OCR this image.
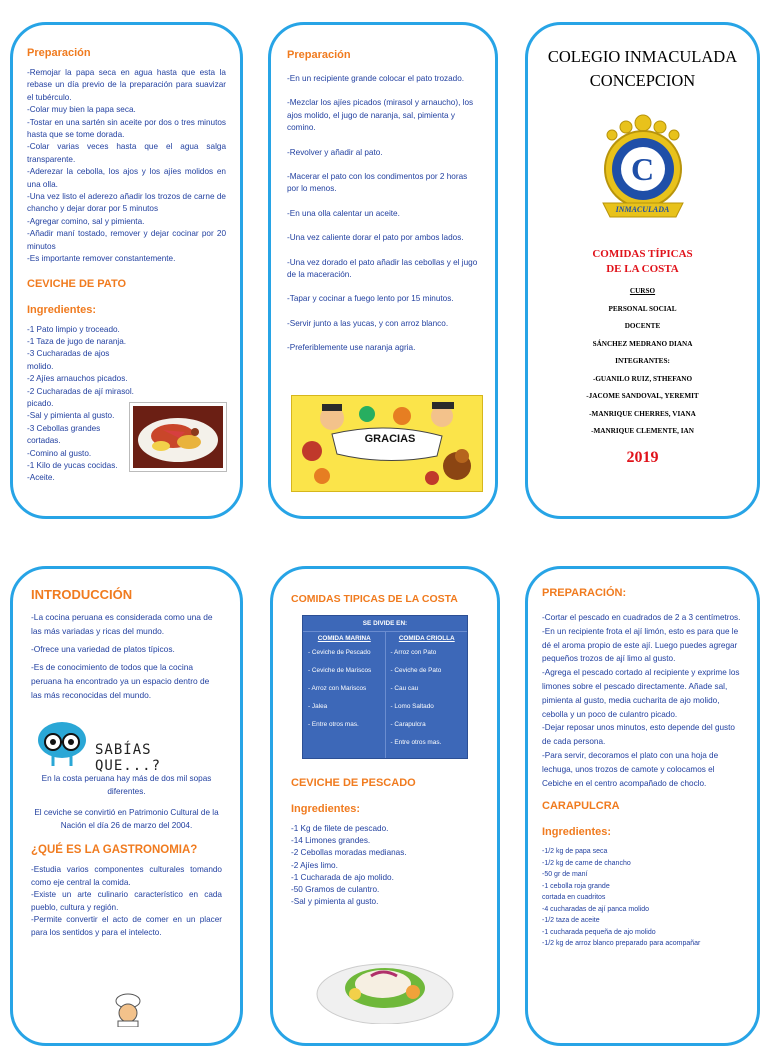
Preparación
-Remojar la papa seca en agua hasta que esta la rebase un día previo de la preparación para suavizar el tubérculo.
-Colar muy bien la papa seca.
-Tostar en una sartén sin aceite por dos o tres minutos hasta que se tome dorada.
-Colar varias veces hasta que el agua salga transparente.
-Aderezar la cebolla, los ajos y los ajíes molidos en una olla.
-Una vez listo el aderezo añadir los trozos de carne de chancho y dejar dorar por 5 minutos
-Agregar comino, sal y pimienta.
-Añadir maní tostado, remover y dejar cocinar por 20 minutos
-Es importante remover constantemente.
CEVICHE DE PATO
Ingredientes:
-1 Pato limpio y troceado.
-1 Taza de jugo de naranja.
-3 Cucharadas de ajos molido.
-2 Ajíes arnauchos picados.
-2 Cucharadas de ají mirasol. picado.
-Sal y pimienta al gusto.
-3 Cebollas grandes cortadas.
-Comino al gusto.
-1 Kilo de yucas cocidas.
-Aceite.
Preparación
-En un recipiente grande colocar el pato trozado.
-Mezclar los ajíes picados (mirasol y arnaucho), los ajos molido, el jugo de naranja, sal, pimienta y comino.
-Revolver y añadir al pato.
-Macerar el pato con los condimentos por 2 horas por lo menos.
-En una olla calentar un aceite.
-Una vez caliente dorar el pato por ambos lados.
-Una vez dorado el pato añadir las cebollas y el jugo de la maceración.
-Tapar y cocinar a fuego lento por 15 minutos.
-Servir junto a las yucas, y con arroz blanco.
-Preferiblemente use naranja agria.
GRACIAS
COLEGIO INMACULADA
CONCEPCION
C
INMACULADA
COMIDAS TÍPICAS
DE LA COSTA
CURSO
PERSONAL SOCIAL
DOCENTE
SÁNCHEZ MEDRANO DIANA
INTEGRANTES:
-GUANILO RUIZ, STHEFANO
-JACOME SANDOVAL, YEREMIT
-MANRIQUE CHERRES, VIANA
-MANRIQUE CLEMENTE, IAN
2019
INTRODUCCIÓN
-La cocina peruana es considerada como una de las más variadas y ricas del mundo.
-Ofrece una variedad de platos típicos.
-Es de conocimiento de todos que la cocina peruana ha encontrado ya un espacio dentro de las más reconocidas del mundo.
SABÍAS QUE...?
En la costa peruana hay más de dos mil sopas diferentes.
El ceviche se convirtió en Patrimonio Cultural de la Nación el día 26 de marzo del 2004.
¿QUÉ ES LA GASTRONOMIA?
-Estudia varios componentes culturales tomando como eje central la comida.
-Existe un arte culinario característico en cada pueblo, cultura y región.
-Permite convertir el acto de comer en un placer para los sentidos y para el intelecto.
COMIDAS TIPICAS DE LA COSTA
SE DIVIDE EN:
COMIDA MARINA
- Ceviche de Pescado
- Ceviche de Mariscos
- Arroz con Mariscos
- Jalea
- Entre otros mas.
COMIDA CRIOLLA
- Arroz con Pato
- Ceviche de Pato
- Cau cau
- Lomo Saltado
- Carapulcra
- Entre otros mas.
CEVICHE DE PESCADO
Ingredientes:
-1 Kg de filete de pescado.
-14 Limones grandes.
-2 Cebollas moradas medianas.
-2 Ajíes limo.
-1 Cucharada de ajo molido.
-50 Gramos de culantro.
-Sal y pimienta al gusto.
PREPARACIÓN:
-Cortar el pescado en cuadrados de 2 a 3 centímetros.
-En un recipiente frota el ají limón, esto es para que le dé el aroma propio de este ají. Luego puedes agregar pequeños trozos de ají limo al gusto.
-Agrega el pescado cortado al recipiente y exprime los limones sobre el pescado directamente. Añade sal, pimienta al gusto, media cucharita de ajo molido, cebolla y un poco de culantro picado.
-Dejar reposar unos minutos, esto depende del gusto de cada persona.
-Para servir, decoramos el plato con una hoja de lechuga, unos trozos de camote y colocamos el Cebiche en el centro acompañado de choclo.
CARAPULCRA
Ingredientes:
-1/2 kg de papa seca
-1/2 kg de carne de chancho
-50 gr de maní
-1 cebolla roja grande
cortada en cuadritos
-4 cucharadas de ají panca molido
-1/2 taza de aceite
-1 cucharada pequeña de ajo molido
-1/2 kg de arroz blanco preparado para acompañar
